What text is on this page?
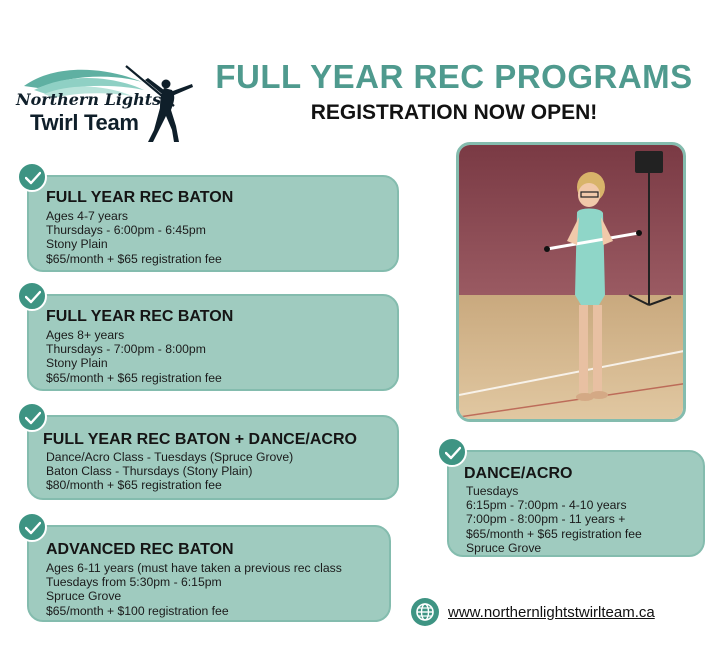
Northern Lights
Twirl Team
FULL YEAR REC PROGRAMS
REGISTRATION NOW OPEN!
FULL YEAR REC BATON
Ages 4-7 years
Thursdays - 6:00pm - 6:45pm
Stony Plain
$65/month + $65 registration fee
FULL YEAR REC BATON
Ages 8+ years
Thursdays - 7:00pm - 8:00pm
Stony Plain
$65/month + $65 registration fee
FULL YEAR REC BATON + DANCE/ACRO
Dance/Acro Class - Tuesdays (Spruce Grove)
Baton Class - Thursdays (Stony Plain)
$80/month + $65 registration fee
ADVANCED REC BATON
Ages 6-11 years (must have taken a previous rec class
Tuesdays from 5:30pm - 6:15pm
Spruce Grove
$65/month + $100 registration fee
DANCE/ACRO
Tuesdays
6:15pm - 7:00pm - 4-10 years
7:00pm - 8:00pm - 11 years +
$65/month + $65 registration fee
Spruce Grove
www.northernlightstwirlteam.ca
